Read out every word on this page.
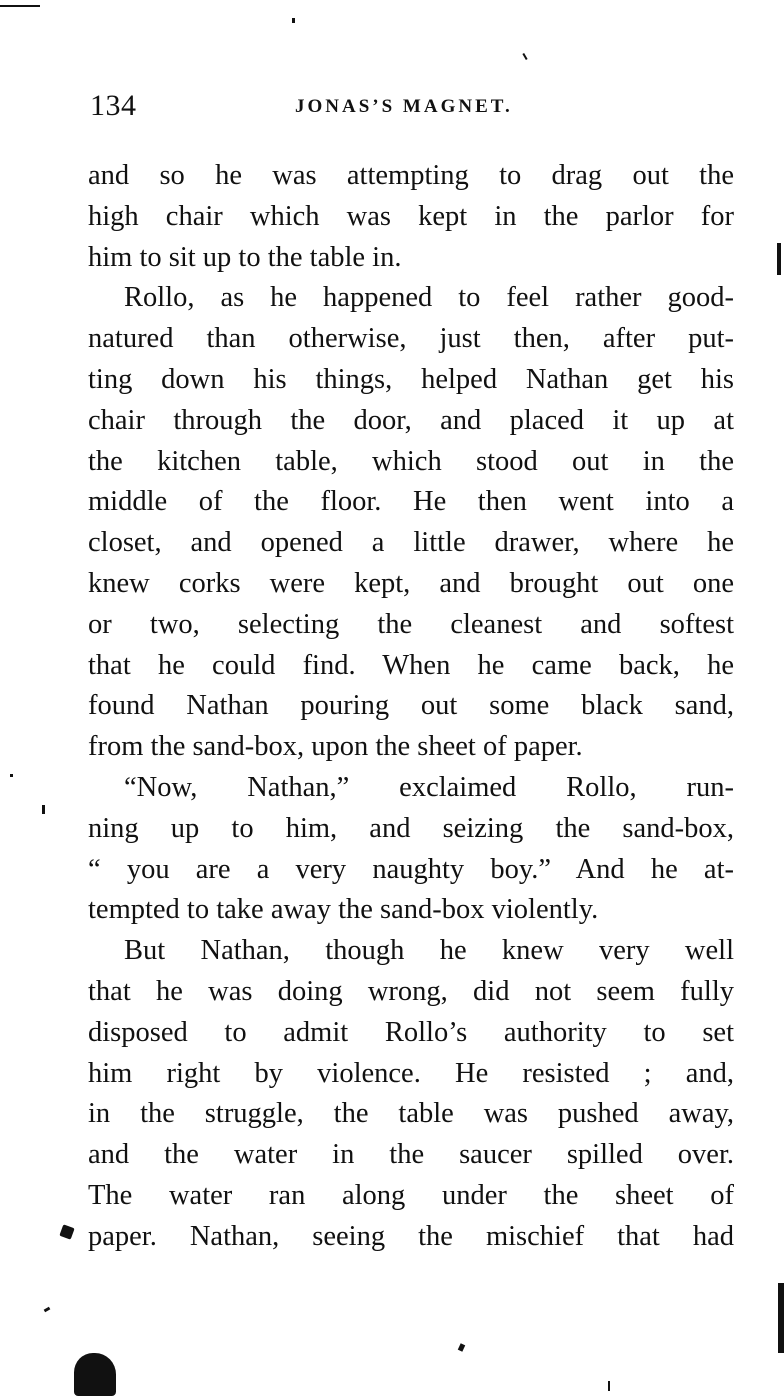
134	JONAS’S MAGNET.
and so he was attempting to drag out the
high chair which was kept in the parlor for
him to sit up to the table in.
Rollo, as he happened to feel rather good-
natured than otherwise, just then, after put-
ting down his things, helped Nathan get his
chair through the door, and placed it up at
the kitchen table, which stood out in the
middle of the floor. He then went into a
closet, and opened a little drawer, where he
knew corks were kept, and brought out one
or two, selecting the cleanest and softest
that he could find. When he came back, he
found Nathan pouring out some black sand,
from the sand-box, upon the sheet of paper.
“Now, Nathan,” exclaimed Rollo, run-
ning up to him, and seizing the sand-box,
“ you are a very naughty boy.” And he at-
tempted to take away the sand-box violently.
But Nathan, though he knew very well
that he was doing wrong, did not seem fully
disposed to admit Rollo’s authority to set
him right by violence. He resisted ; and,
in the struggle, the table was pushed away,
and the water in the saucer spilled over.
The water ran along under the sheet of
paper. Nathan, seeing the mischief that had
